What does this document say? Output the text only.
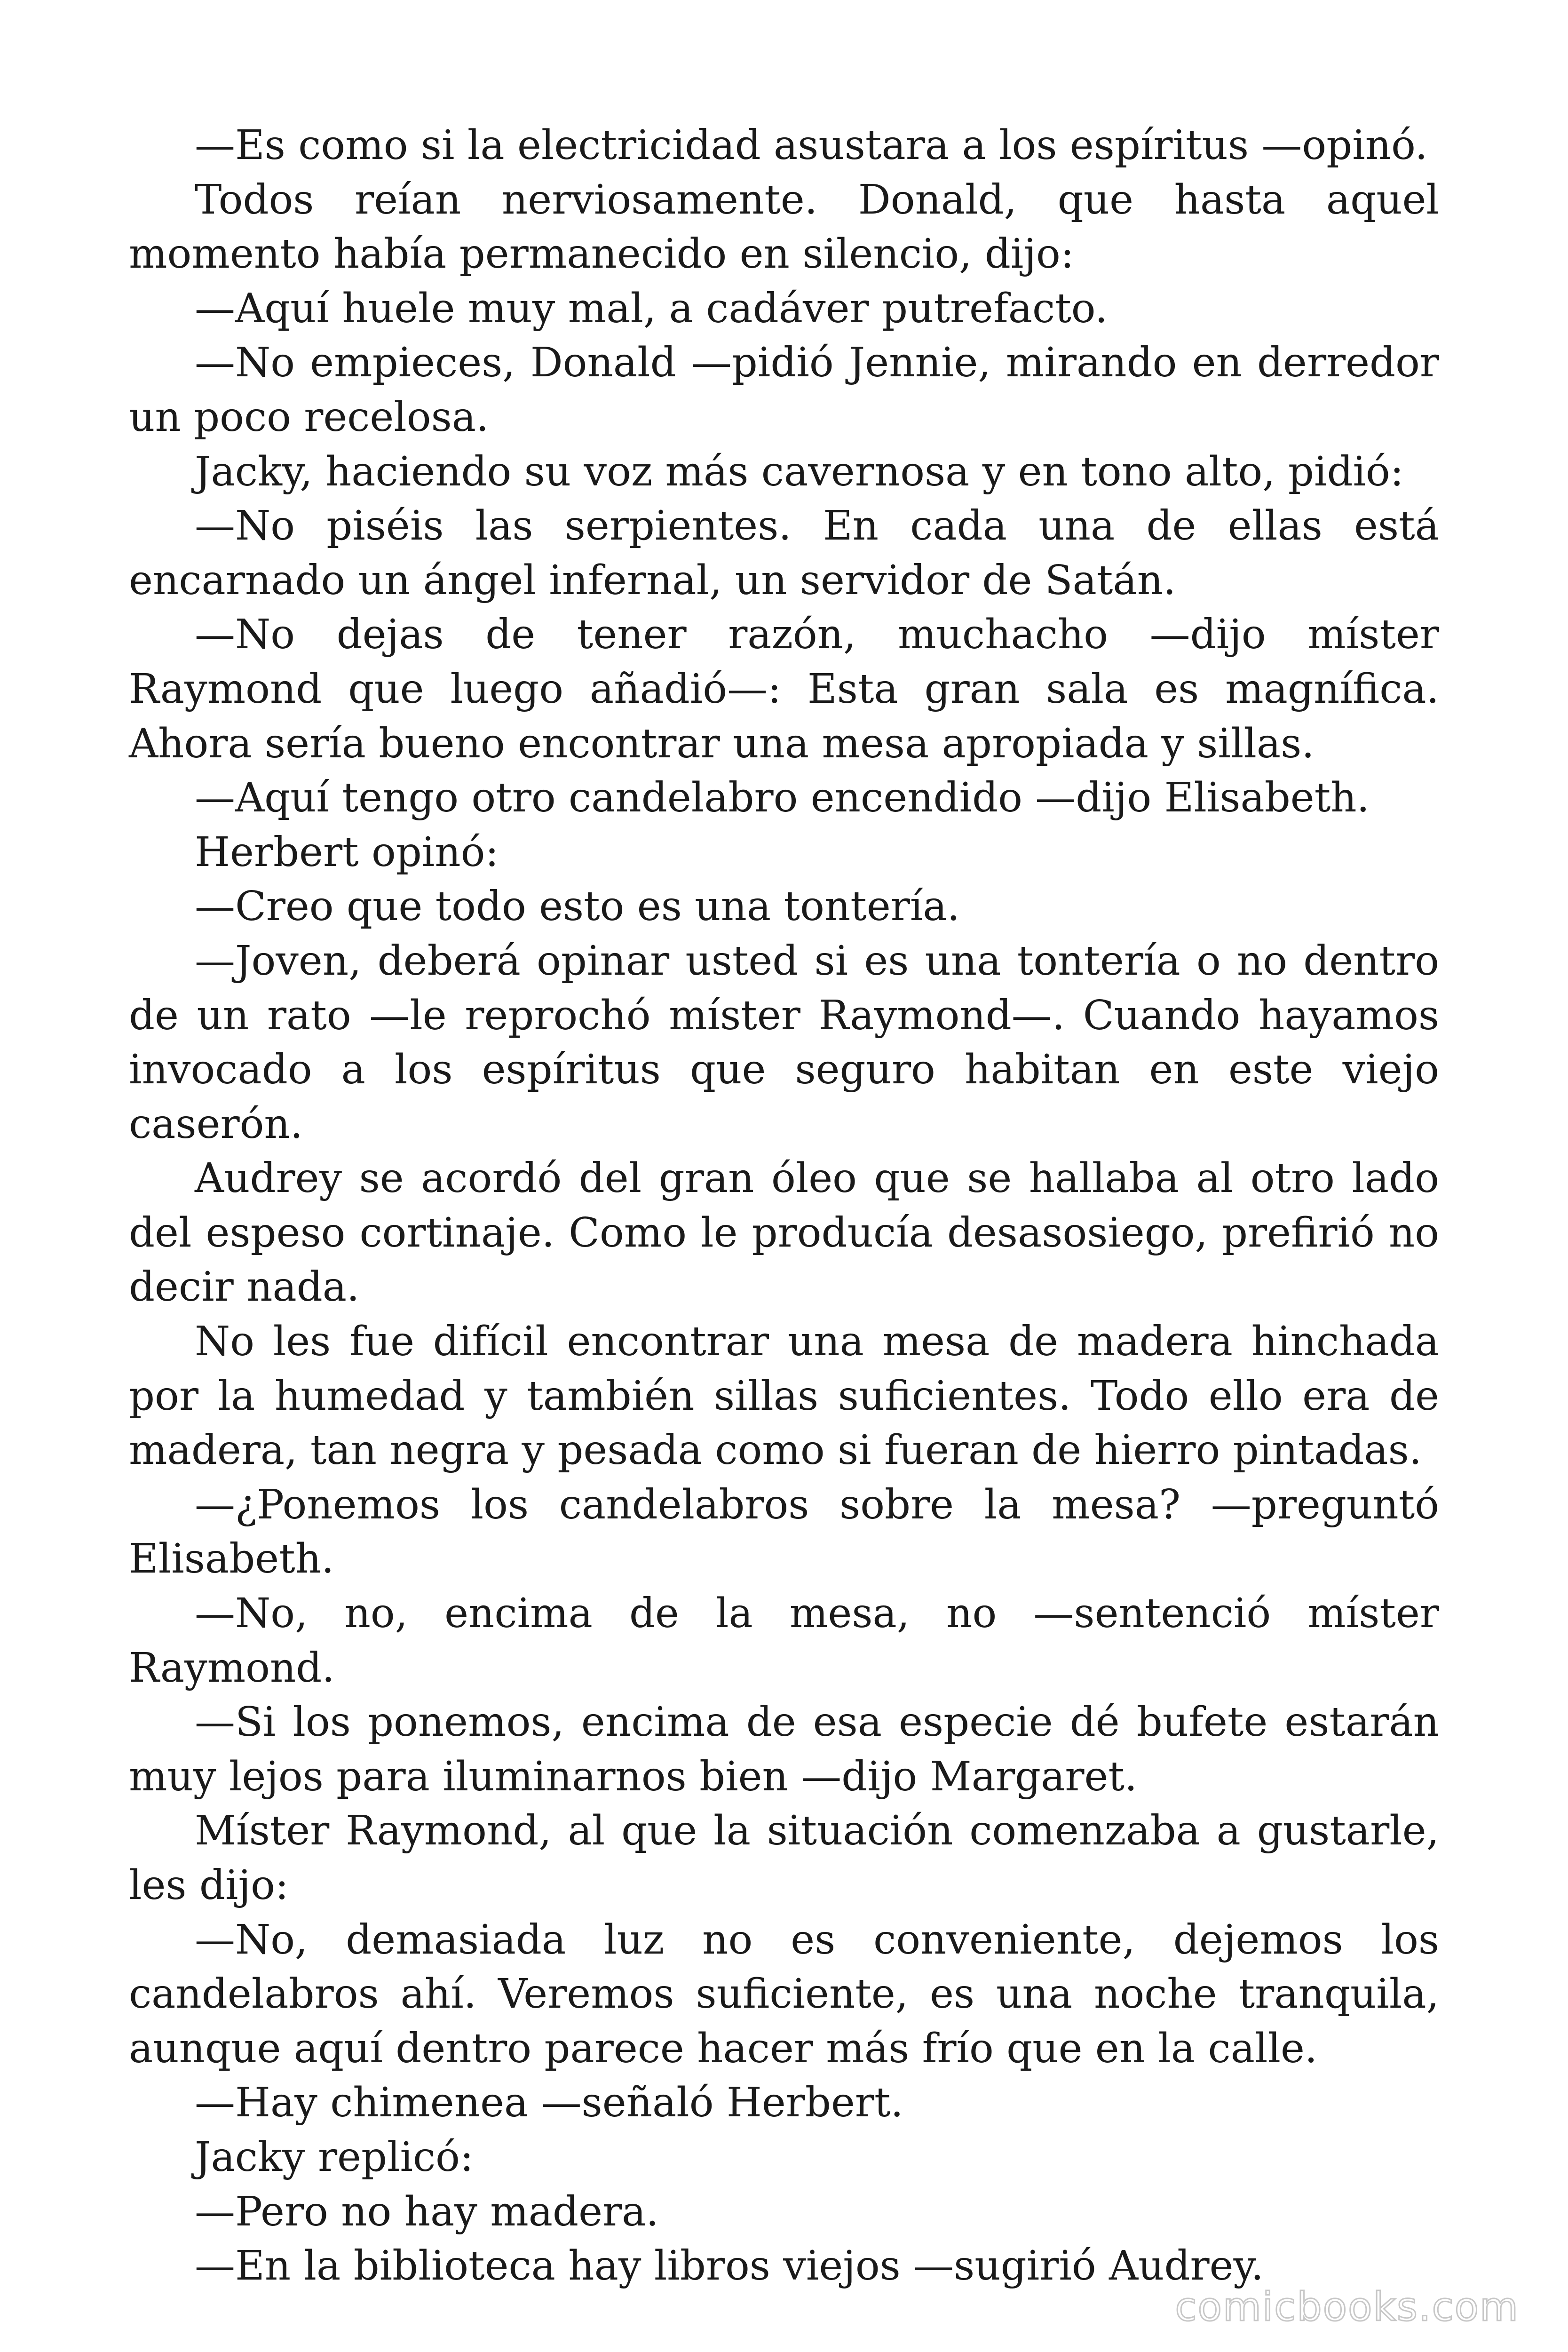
—Es como si la electricidad asustara a los espíritus —opinó.

Todos reían nerviosamente. Donald, que hasta aquel momento había permanecido en silencio, dijo:

—Aquí huele muy mal, a cadáver putrefacto.

—No empieces, Donald —pidió Jennie, mirando en derredor un poco recelosa.

Jacky, haciendo su voz más cavernosa y en tono alto, pidió:

—No piséis las serpientes. En cada una de ellas está encarnado un ángel infernal, un servidor de Satán.

—No dejas de tener razón, muchacho —dijo míster Raymond que luego añadió—: Esta gran sala es magnífica. Ahora sería bueno encontrar una mesa apropiada y sillas.

—Aquí tengo otro candelabro encendido —dijo Elisabeth.

Herbert opinó:

—Creo que todo esto es una tontería.

—Joven, deberá opinar usted si es una tontería o no dentro de un rato —le reprochó míster Raymond—. Cuando hayamos invocado a los espíritus que seguro habitan en este viejo caserón.

Audrey se acordó del gran óleo que se hallaba al otro lado del espeso cortinaje. Como le producía desasosiego, prefirió no decir nada.

No les fue difícil encontrar una mesa de madera hinchada por la humedad y también sillas suficientes. Todo ello era de madera, tan negra y pesada como si fueran de hierro pintadas.

—¿Ponemos los candelabros sobre la mesa? —preguntó Elisabeth.

—No, no, encima de la mesa, no —sentenció míster Raymond.

—Si los ponemos, encima de esa especie dé bufete estarán muy lejos para iluminarnos bien —dijo Margaret.

Míster Raymond, al que la situación comenzaba a gustarle, les dijo:

—No, demasiada luz no es conveniente, dejemos los candelabros ahí. Veremos suficiente, es una noche tranquila, aunque aquí dentro parece hacer más frío que en la calle.

—Hay chimenea —señaló Herbert.

Jacky replicó:

—Pero no hay madera.

—En la biblioteca hay libros viejos —sugirió Audrey.

comicbooks.com
